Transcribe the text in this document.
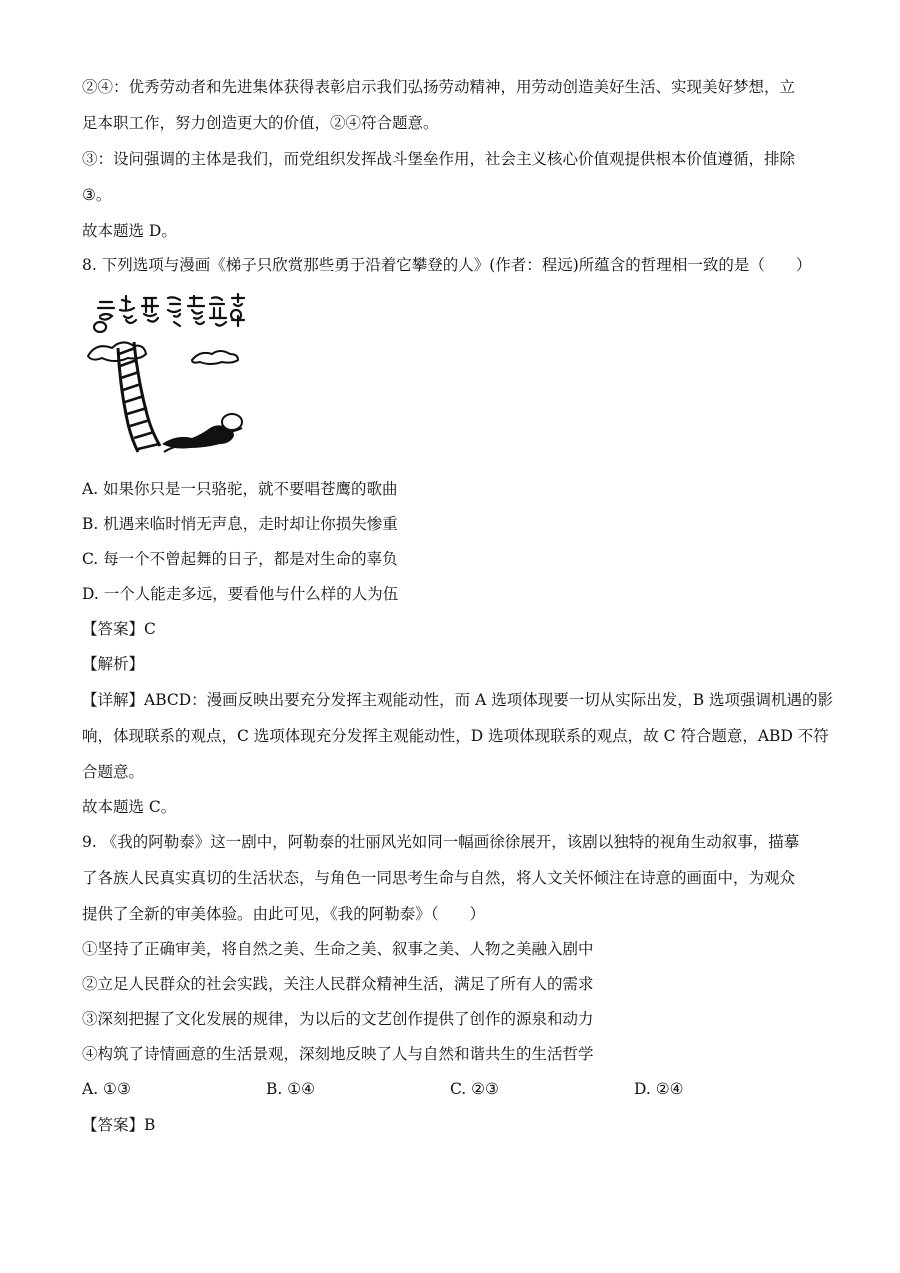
②④：优秀劳动者和先进集体获得表彰启示我们弘扬劳动精神，用劳动创造美好生活、实现美好梦想，立
足本职工作，努力创造更大的价值，②④符合题意。
③：设问强调的主体是我们，而党组织发挥战斗堡垒作用，社会主义核心价值观提供根本价值遵循，排除
③。
故本题选 D。
8. 下列选项与漫画《梯子只欣赏那些勇于沿着它攀登的人》(作者：程远)所蕴含的哲理相一致的是（　　）
A. 如果你只是一只骆驼，就不要唱苍鹰的歌曲
B. 机遇来临时悄无声息，走时却让你损失惨重
C. 每一个不曾起舞的日子，都是对生命的辜负
D. 一个人能走多远，要看他与什么样的人为伍
【答案】C
【解析】
【详解】ABCD：漫画反映出要充分发挥主观能动性，而 A 选项体现要一切从实际出发，B 选项强调机遇的影
响，体现联系的观点，C 选项体现充分发挥主观能动性，D 选项体现联系的观点，故 C 符合题意，ABD 不符
合题意。
故本题选 C。
9. 《我的阿勒泰》这一剧中，阿勒泰的壮丽风光如同一幅画徐徐展开，该剧以独特的视角生动叙事，描摹
了各族人民真实真切的生活状态，与角色一同思考生命与自然，将人文关怀倾注在诗意的画面中，为观众
提供了全新的审美体验。由此可见，《我的阿勒泰》（　　）
①坚持了正确审美，将自然之美、生命之美、叙事之美、人物之美融入剧中
②立足人民群众的社会实践，关注人民群众精神生活，满足了所有人的需求
③深刻把握了文化发展的规律，为以后的文艺创作提供了创作的源泉和动力
④构筑了诗情画意的生活景观，深刻地反映了人与自然和谐共生的生活哲学
A. ①③	B. ①④	C. ②③	D. ②④
【答案】B
